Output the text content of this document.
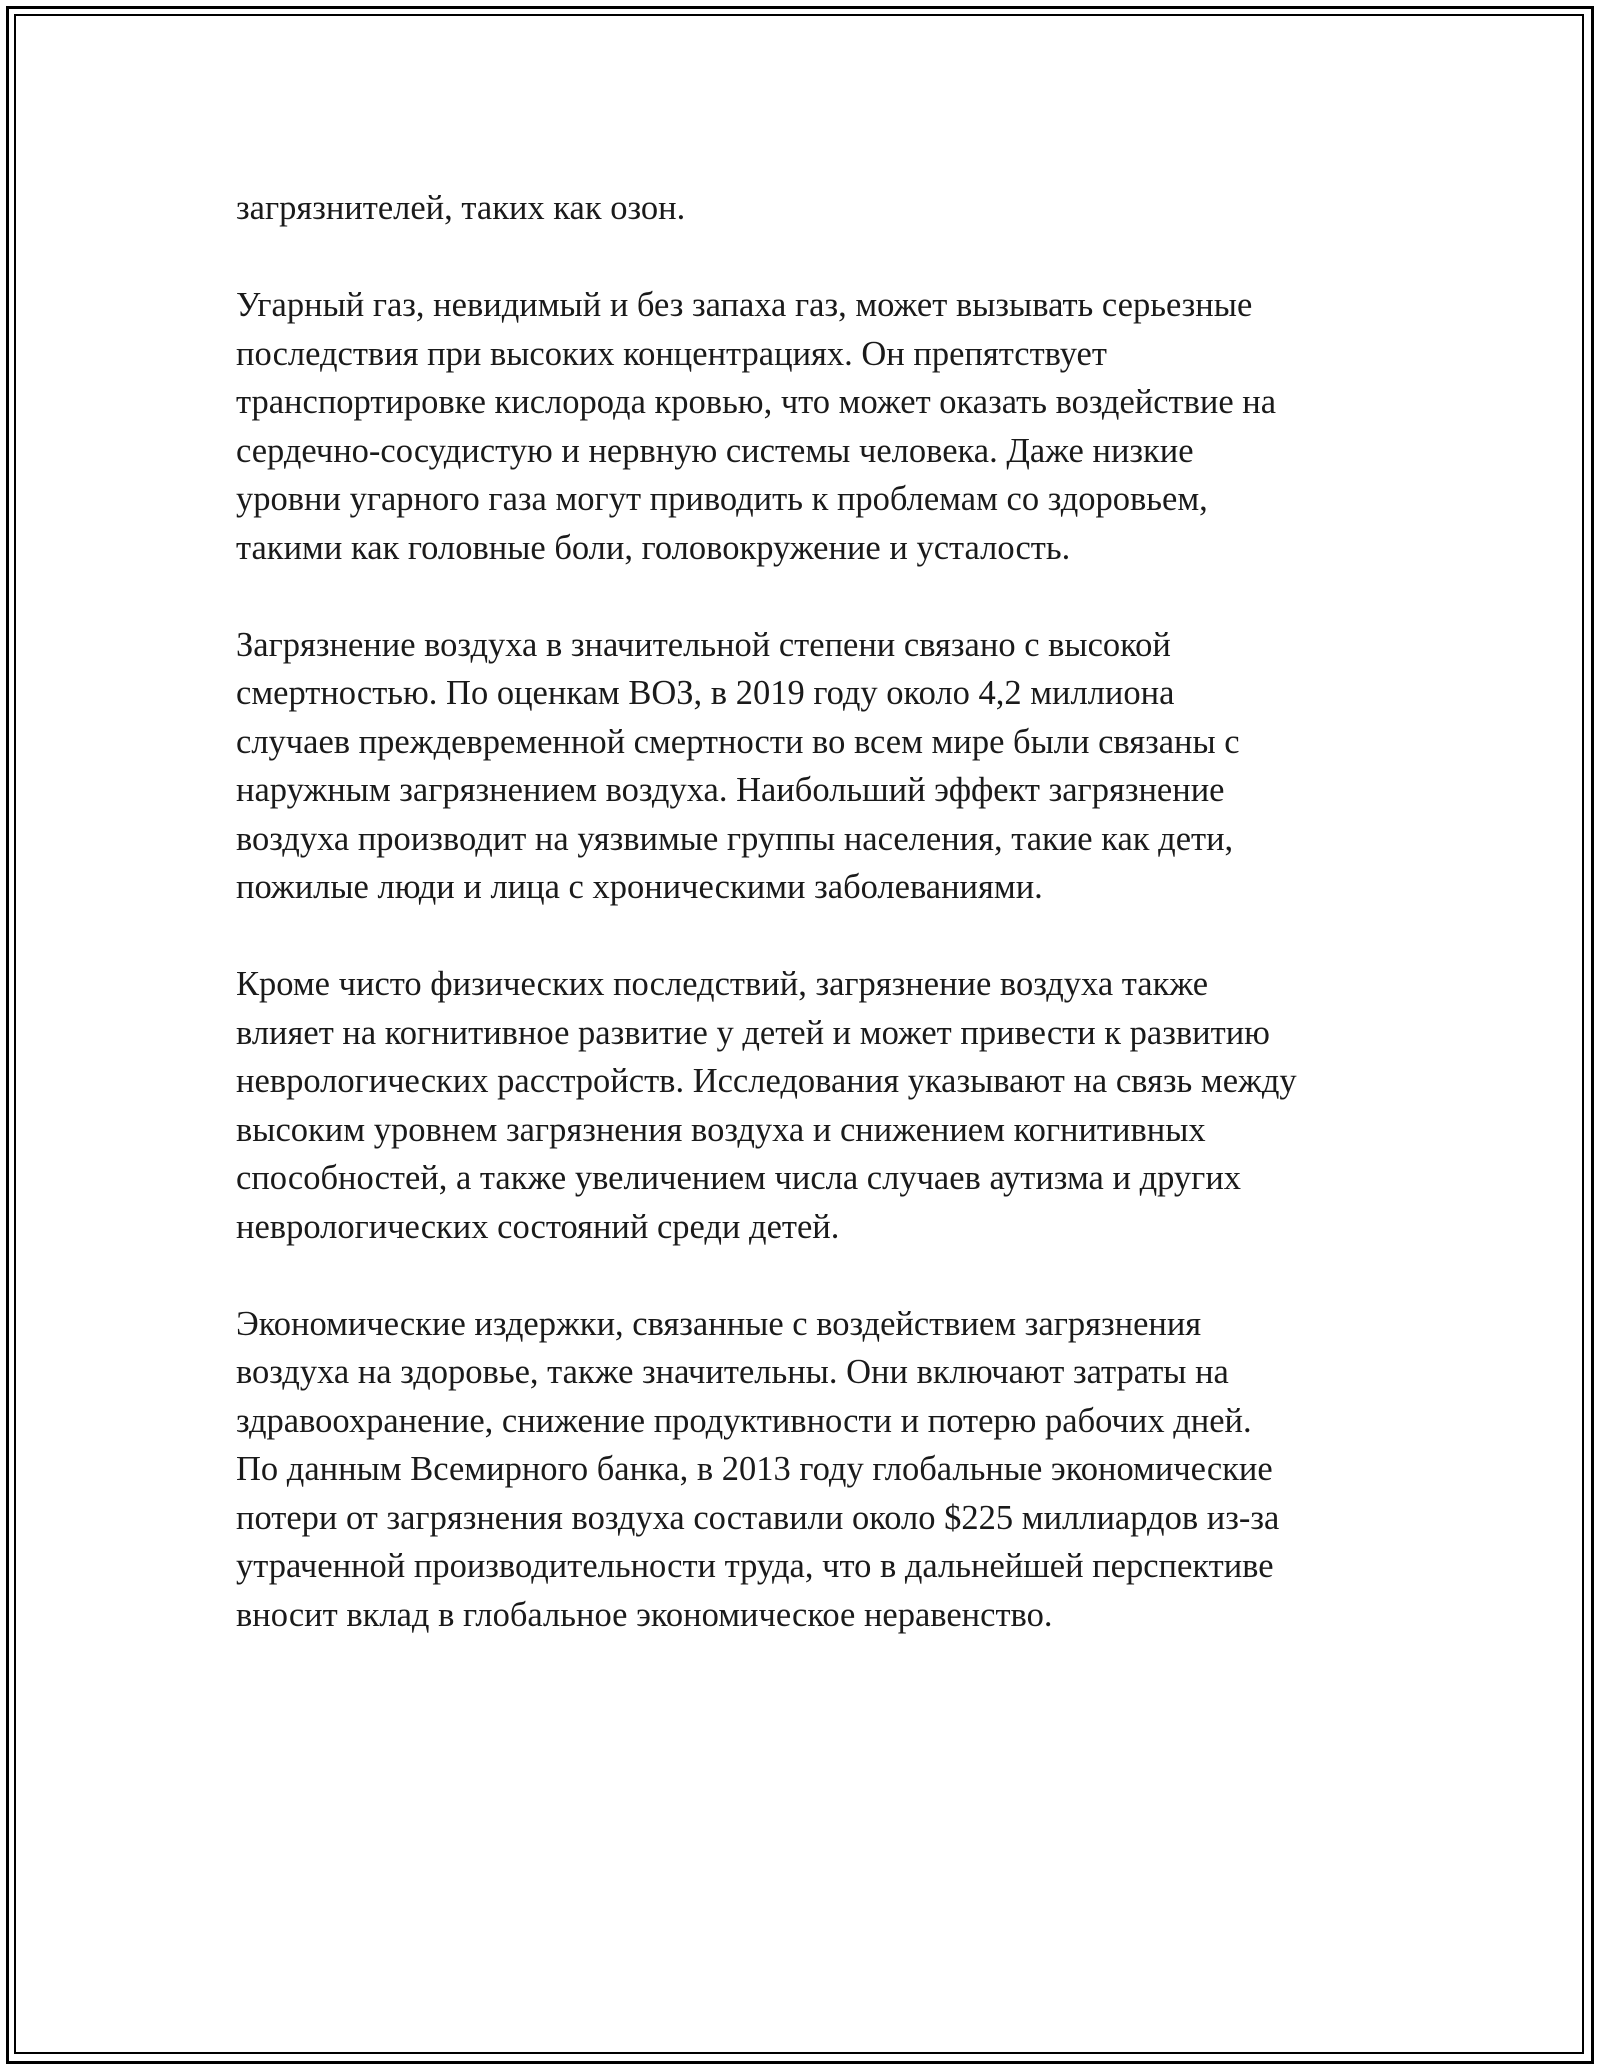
загрязнителей, таких как озон.

Угарный газ, невидимый и без запаха газ, может вызывать серьезные
последствия при высоких концентрациях. Он препятствует
транспортировке кислорода кровью, что может оказать воздействие на
сердечно-сосудистую и нервную системы человека. Даже низкие
уровни угарного газа могут приводить к проблемам со здоровьем,
такими как головные боли, головокружение и усталость.

Загрязнение воздуха в значительной степени связано с высокой
смертностью. По оценкам ВОЗ, в 2019 году около 4,2 миллиона
случаев преждевременной смертности во всем мире были связаны с
наружным загрязнением воздуха. Наибольший эффект загрязнение
воздуха производит на уязвимые группы населения, такие как дети,
пожилые люди и лица с хроническими заболеваниями.

Кроме чисто физических последствий, загрязнение воздуха также
влияет на когнитивное развитие у детей и может привести к развитию
неврологических расстройств. Исследования указывают на связь между
высоким уровнем загрязнения воздуха и снижением когнитивных
способностей, а также увеличением числа случаев аутизма и других
неврологических состояний среди детей.

Экономические издержки, связанные с воздействием загрязнения
воздуха на здоровье, также значительны. Они включают затраты на
здравоохранение, снижение продуктивности и потерю рабочих дней.
По данным Всемирного банка, в 2013 году глобальные экономические
потери от загрязнения воздуха составили около $225 миллиардов из-за
утраченной производительности труда, что в дальнейшей перспективе
вносит вклад в глобальное экономическое неравенство.
